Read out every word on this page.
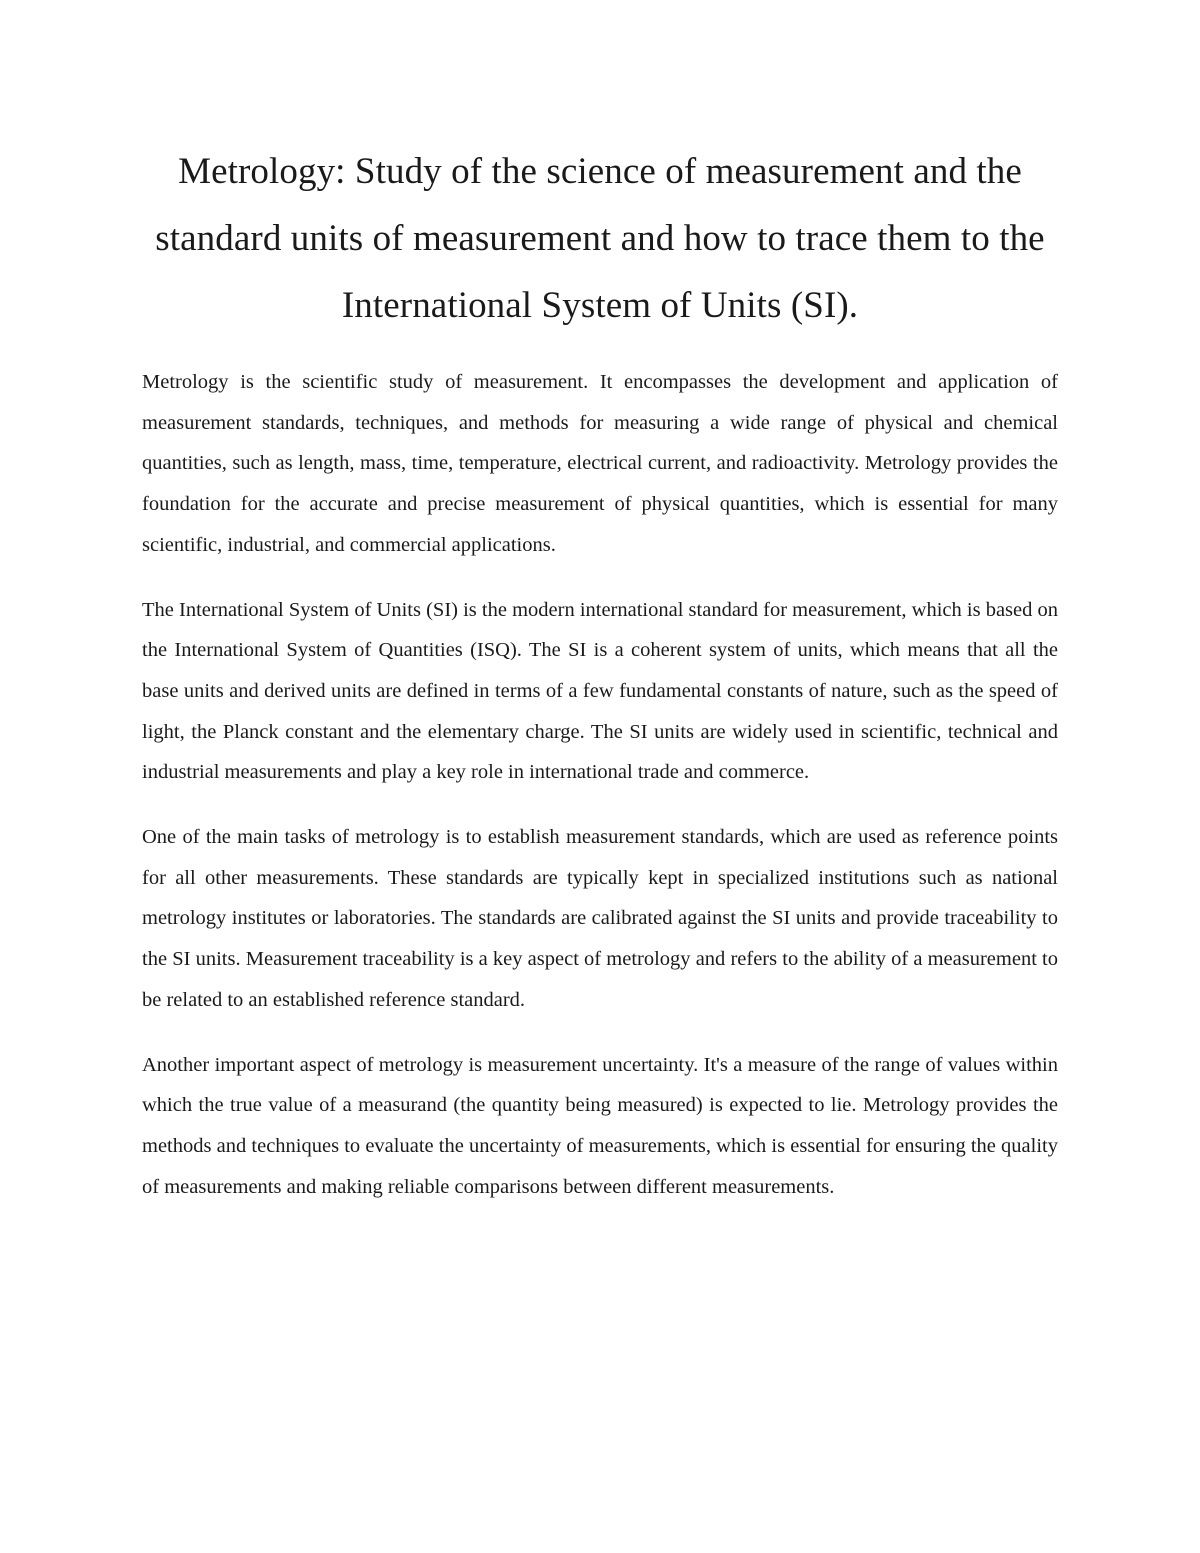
Metrology: Study of the science of measurement and the standard units of measurement and how to trace them to the International System of Units (SI).

Metrology is the scientific study of measurement. It encompasses the development and application of measurement standards, techniques, and methods for measuring a wide range of physical and chemical quantities, such as length, mass, time, temperature, electrical current, and radioactivity. Metrology provides the foundation for the accurate and precise measurement of physical quantities, which is essential for many scientific, industrial, and commercial applications.

The International System of Units (SI) is the modern international standard for measurement, which is based on the International System of Quantities (ISQ). The SI is a coherent system of units, which means that all the base units and derived units are defined in terms of a few fundamental constants of nature, such as the speed of light, the Planck constant and the elementary charge. The SI units are widely used in scientific, technical and industrial measurements and play a key role in international trade and commerce.

One of the main tasks of metrology is to establish measurement standards, which are used as reference points for all other measurements. These standards are typically kept in specialized institutions such as national metrology institutes or laboratories. The standards are calibrated against the SI units and provide traceability to the SI units. Measurement traceability is a key aspect of metrology and refers to the ability of a measurement to be related to an established reference standard.

Another important aspect of metrology is measurement uncertainty. It's a measure of the range of values within which the true value of a measurand (the quantity being measured) is expected to lie. Metrology provides the methods and techniques to evaluate the uncertainty of measurements, which is essential for ensuring the quality of measurements and making reliable comparisons between different measurements.
